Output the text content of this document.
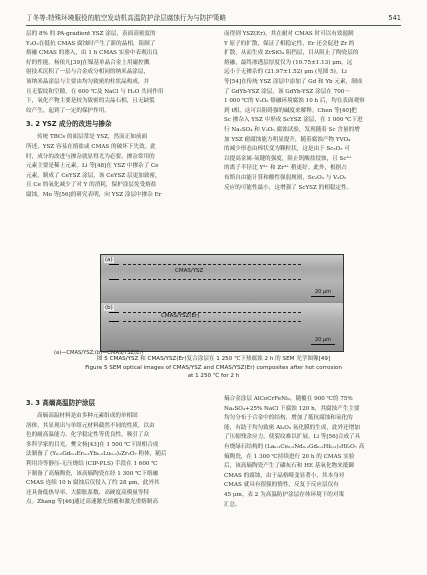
丁冬等:特殊环境服役的航空发动机高温防护涂层腐蚀行为与防护策略	541
层的 8% 的 PA-gradient YSZ 涂层，表面高密度的
Y₂O₃在抵抗 CMAS 腐蚀时产生了新的晶相，阻制了
熔融 CMAS 的渗入，由 1 h CMAS 实验中表观出良
好的性能。杨依凡[39]在镍基单晶合金上用磁控溅
射技术沉积了一层与合金成分相同的纳米晶涂层，
该纳米晶涂层与主要由均匀致密的柱状晶构成，并
且无裂纹和空隙，在 600 ℃及 NaCl 与 H₂O 共同作用
下，氧化产物主要是较为致密的尖晶石相，且无缺裂
纹产生，起到了一定的保护作用。
3. 2 YSZ 成分的改进与掺杂
传统 TBCs 的面层常是 YSZ，然而正如前面
所述，YSZ 容易在熔盐或 CMAS 的破坏下失效。此
时，成分的改进与掺杂就显得尤为必要，掺杂常用的
元素主要是稀土元素。Li 等[48]在 YSZ 中掺杂了 Ce
元素，制成了 CeYSZ 涂层，该 CeYSZ 层更加致密，
且 Ce 的氧化减少了对 Y 的消耗，保护涂层免受熔盐
腐蚀。Mo 等[56]的研究表明，向 YSZ 涂层中掺杂 Er
而得到 YSZ(Er)，其在耐对 CMAS 时可以有效遏制
Y 原子的扩散，保证了相稳定性，Er 还会促进 Zr 的
扩散，从而生成 ZrSiO₄ 阻挡层，目从阻止了陶瓷层的
熔融，最终渗透层厚度仅为 (10.75±1.13) μm，远
远小于无掺杂的 (21.97±1.52) μm (见图 5)。Li
等[54]在传统 YSZ 涂层中添加了 Gd 和 Yb 元素，制成
了 GdYb-YSZ 涂层，该 GdYb-YSZ 涂层在 700～
1 000 ℃的 V₂O₅ 熔融环境腐蚀 10 h 后，均在表面观察
到 t相，这可以阻碍强的碱度来解释。Chen 等[40]把
Sc 掺杂入 YSZ 中形成 ScYSZ 涂层，在 1 000 ℃下进
行 Na₂SO₄ 和 V₂O₅ 腐蚀试验，发现随着 Sc 含量的增
加 YSZ 耐腐蚀能力明显提升，随着腐蚀产物 YVO₄
的减少形态由棒状变为颗粒状，这是由于 Sc₂O₃ 可
以提高金属-氧键的强度，阻止钒酸盐侵蚀，且 Sc³⁺
的离子半径比 Y³⁺ 和 Zr⁴⁺ 稍更好。此外，根据占
布斯自由能计算和酸性强弱规则，Sc₂O₃ 与 V₂O₅
反应的可能性最小，这增强了 ScYSZ 的相稳定性。
(a)
CMAS/YSZ
20 μm
(b)
CMAS/YSZ(Er)
20 μm
(a)—CMAS/YSZ;(b)—CMAS/YSZ(Er)
图 5 CMAS/YSZ 和 CMAS/YSZ(Er)复合涂层在 1 250 ℃下热腐蚀 2 h 的 SEM 光学图像[49]
Figure 5 SEM optical images of CMAS/YSZ and CMAS/YSZ(Er) composites after hot corrosion
at 1 250 ℃ for 2 h
3. 3 高熵高温防护涂层
高熵高温材料是由多种元素组成的单相固
溶体，其显现出与单组元材料截然不同的性质，以由
色的耐高温能力、化学稳定性等优良性，吸引了众
多科学家的目光。樊文杨[43]在 1 500 ℃下固相合成
法制备了 (Y₀.₂Gd₀.₂Er₀.₂Yb₀.₂Lu₀.₂)₂Zr₂O₇ 粉体，随后
利用冷等静压-无压烧结 (CIP-PLS) 手段在 1 600 ℃
下制备了高熵陶瓷，该高熵陶瓷在经 1 300 ℃下熔融
CMAS 连续 10 h 腐蚀后仅侵入了约 28 μm，此外其
还具备低热导率、大膨胀系数、高硬度高模量等特
点。Zhang 等[46]通过高速激光熔覆和激光重熔制高
熵合金涂层 AlCoCrFeNi₂，随覆在 900 ℃的 75%
Na₂SO₄+25% NaCl 下腐蚀 120 h，其腐蚀产生主要
均匀分布于合金中的结构，增加了抵抗腐蚀和氧化的
能，有助于均匀致密 Al₂O₃ 氧化膜的生成，此外还增加
了压缩残余应力，使裂纹难以扩展。Li 等[56]合成了具
有烧绿石结构的 (La₀.₂Ce₀.₂Nd₀.₂Gd₀.₂Hf₀.₂)₂Hf₂O₇ 高
熵陶瓷，在 1 300 ℃持续进行 20 h 的 CMAS 实验
后，该高熵陶瓷产生了磷灰石和 HE 基氧化物来抵御
CMAS 的腐蚀，由于晶格畸变显著小，其本身对
CMAS 就具有很强的惰性，反复于反应层仅有
45 μm。表 2 为高温防护涂层存体环境下的对策
汇总。
